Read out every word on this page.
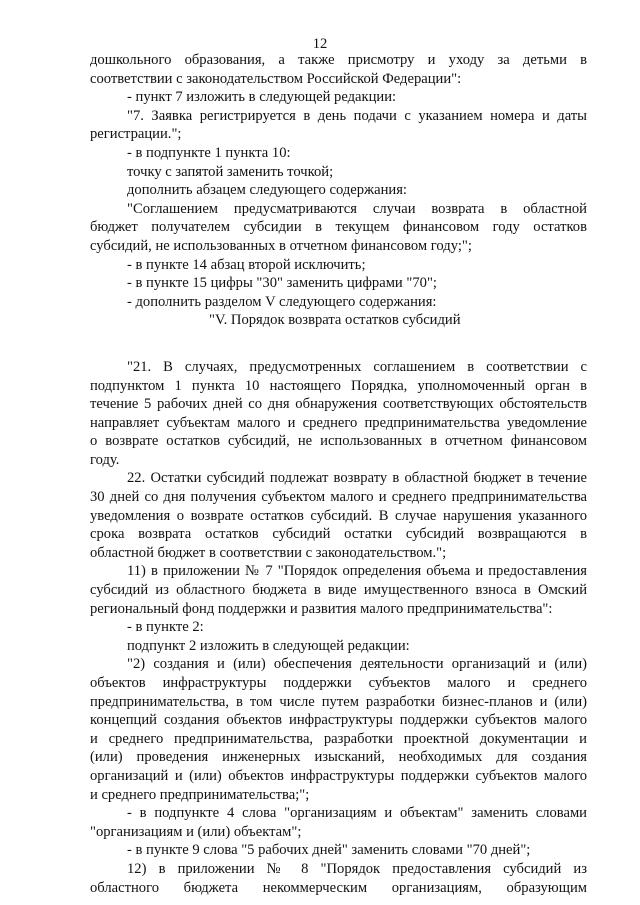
12
дошкольного образования, а также присмотру и уходу за детьми в
соответствии с законодательством Российской Федерации":
- пункт 7 изложить в следующей редакции:
"7. Заявка регистрируется в день подачи с указанием номера и даты
регистрации.";
- в подпункте 1 пункта 10:
точку с запятой заменить точкой;
дополнить абзацем следующего содержания:
"Соглашением предусматриваются случаи возврата в областной
бюджет получателем субсидии в текущем финансовом году остатков
субсидий, не использованных в отчетном финансовом году;";
- в пункте 14 абзац второй исключить;
- в пункте 15 цифры "30" заменить цифрами "70";
- дополнить разделом V следующего содержания:
"V. Порядок возврата остатков субсидий
"21. В случаях, предусмотренных соглашением в соответствии с
подпунктом 1 пункта 10 настоящего Порядка, уполномоченный орган в
течение 5 рабочих дней со дня обнаружения соответствующих обстоятельств
направляет субъектам малого и среднего предпринимательства уведомление
о возврате остатков субсидий, не использованных в отчетном финансовом
году.
22. Остатки субсидий подлежат возврату в областной бюджет в течение
30 дней со дня получения субъектом малого и среднего предпринимательства
уведомления о возврате остатков субсидий. В случае нарушения указанного
срока возврата остатков субсидий остатки субсидий возвращаются в
областной бюджет в соответствии с законодательством.";
11) в приложении № 7 "Порядок определения объема и предоставления
субсидий из областного бюджета в виде имущественного взноса в Омский
региональный фонд поддержки и развития малого предпринимательства":
- в пункте 2:
подпункт 2 изложить в следующей редакции:
"2) создания и (или) обеспечения деятельности организаций и (или)
объектов инфраструктуры поддержки субъектов малого и среднего
предпринимательства, в том числе путем разработки бизнес-планов и (или)
концепций создания объектов инфраструктуры поддержки субъектов малого
и среднего предпринимательства, разработки проектной документации и
(или) проведения инженерных изысканий, необходимых для создания
организаций и (или) объектов инфраструктуры поддержки субъектов малого
и среднего предпринимательства;";
- в подпункте 4 слова "организациям и объектам" заменить словами
"организациям и (или) объектам";
- в пункте 9 слова "5 рабочих дней" заменить словами "70 дней";
12) в приложении № 8 "Порядок предоставления субсидий из
областного бюджета некоммерческим организациям, образующим
